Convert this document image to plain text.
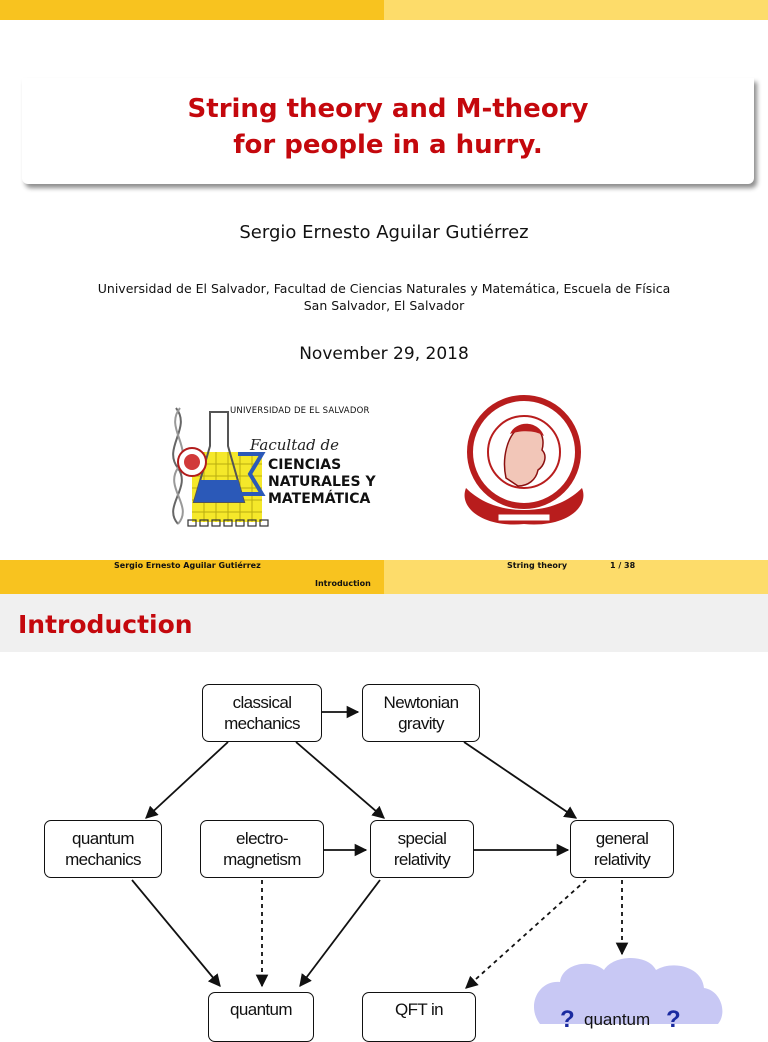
String theory and M-theory
for people in a hurry.
Sergio Ernesto Aguilar Gutiérrez
Universidad de El Salvador, Facultad de Ciencias Naturales y Matemática, Escuela de Física
San Salvador, El Salvador
November 29, 2018
UNIVERSIDAD DE EL SALVADOR
Facultad de
CIENCIAS
NATURALES Y
MATEMÁTICA
Sergio Ernesto Aguilar Gutiérrez	String theory	1 / 38
Introduction
Introduction
classical
mechanics
Newtonian
gravity
quantum
mechanics
electro-
magnetism
special
relativity
general
relativity
quantum	QFT in	? quantum ?
